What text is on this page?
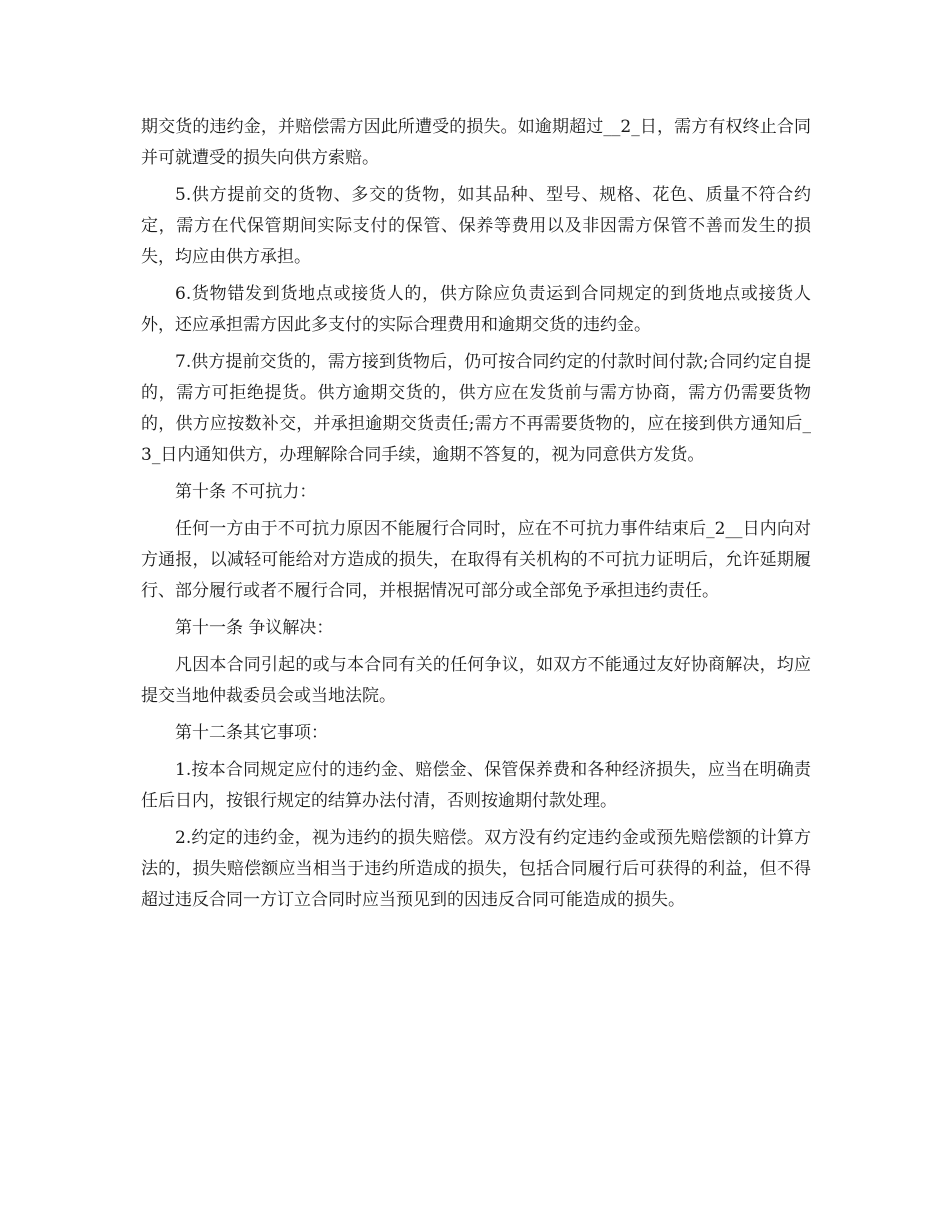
期交货的违约金，并赔偿需方因此所遭受的损失。如逾期超过__2_日，需方有权终止合同并可就遭受的损失向供方索赔。

5.供方提前交的货物、多交的货物，如其品种、型号、规格、花色、质量不符合约定，需方在代保管期间实际支付的保管、保养等费用以及非因需方保管不善而发生的损失，均应由供方承担。

6.货物错发到货地点或接货人的，供方除应负责运到合同规定的到货地点或接货人外，还应承担需方因此多支付的实际合理费用和逾期交货的违约金。

7.供方提前交货的，需方接到货物后，仍可按合同约定的付款时间付款;合同约定自提的，需方可拒绝提货。供方逾期交货的，供方应在发货前与需方协商，需方仍需要货物的，供方应按数补交，并承担逾期交货责任;需方不再需要货物的，应在接到供方通知后_3_日内通知供方，办理解除合同手续，逾期不答复的，视为同意供方发货。

第十条 不可抗力：

任何一方由于不可抗力原因不能履行合同时，应在不可抗力事件结束后_2__日内向对方通报，以减轻可能给对方造成的损失，在取得有关机构的不可抗力证明后，允许延期履行、部分履行或者不履行合同，并根据情况可部分或全部免予承担违约责任。

第十一条 争议解决：

凡因本合同引起的或与本合同有关的任何争议，如双方不能通过友好协商解决，均应提交当地仲裁委员会或当地法院。

第十二条其它事项：

1.按本合同规定应付的违约金、赔偿金、保管保养费和各种经济损失，应当在明确责任后日内，按银行规定的结算办法付清，否则按逾期付款处理。

2.约定的违约金，视为违约的损失赔偿。双方没有约定违约金或预先赔偿额的计算方法的，损失赔偿额应当相当于违约所造成的损失，包括合同履行后可获得的利益，但不得超过违反合同一方订立合同时应当预见到的因违反合同可能造成的损失。
